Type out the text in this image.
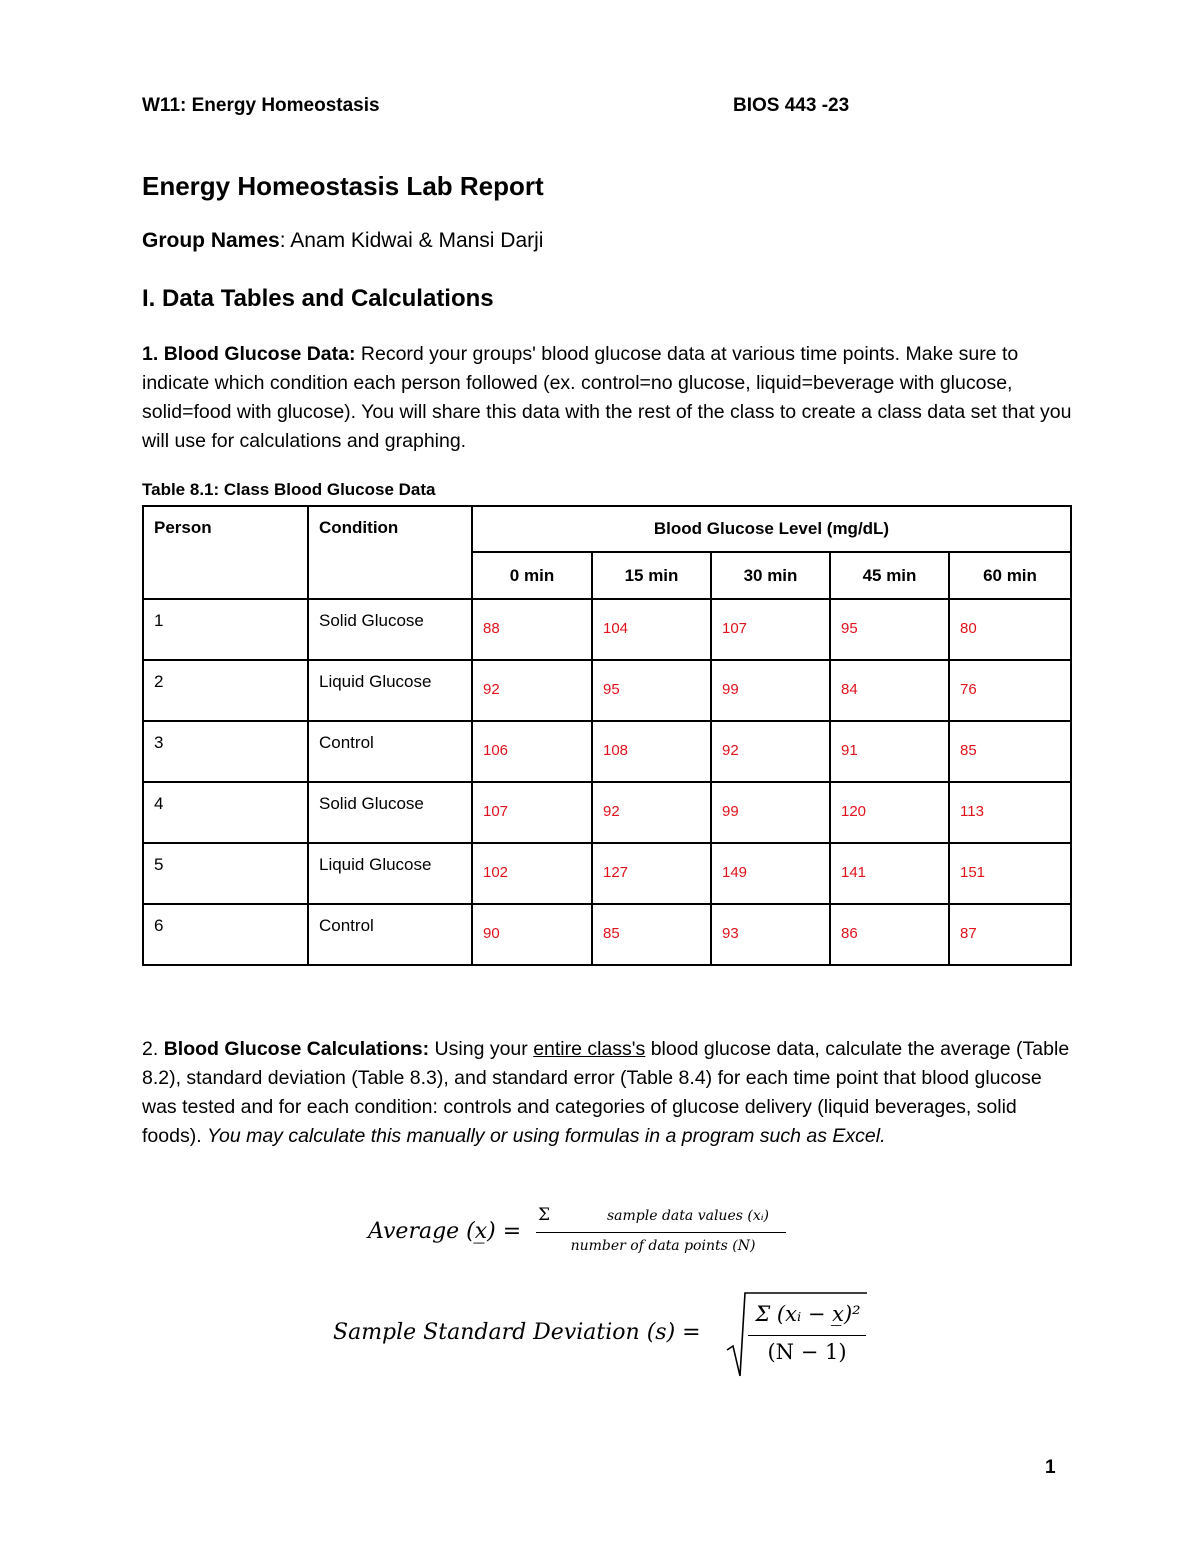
W11: Energy Homeostasis	BIOS 443 -23
Energy Homeostasis Lab Report
Group Names: Anam Kidwai & Mansi Darji
I. Data Tables and Calculations
1. Blood Glucose Data: Record your groups' blood glucose data at various time points. Make sure to indicate which condition each person followed (ex. control=no glucose, liquid=beverage with glucose, solid=food with glucose). You will share this data with the rest of the class to create a class data set that you will use for calculations and graphing.
Table 8.1: Class Blood Glucose Data
Person	Condition	Blood Glucose Level (mg/dL)				
		0 min	15 min	30 min	45 min	60 min
1	Solid Glucose	88	104	107	95	80
2	Liquid Glucose	92	95	99	84	76
3	Control	106	108	92	91	85
4	Solid Glucose	107	92	99	120	113
5	Liquid Glucose	102	127	149	141	151
6	Control	90	85	93	86	87
2. Blood Glucose Calculations: Using your entire class's blood glucose data, calculate the average (Table 8.2), standard deviation (Table 8.3), and standard error (Table 8.4) for each time point that blood glucose was tested and for each condition: controls and categories of glucose delivery (liquid beverages, solid foods). You may calculate this manually or using formulas in a program such as Excel.
Average (x̲) =
Σ	sample data values (xᵢ)
number of data points (N)
Sample Standard Deviation (s) =
Σ (xᵢ − x̲)²
(N − 1)
1
